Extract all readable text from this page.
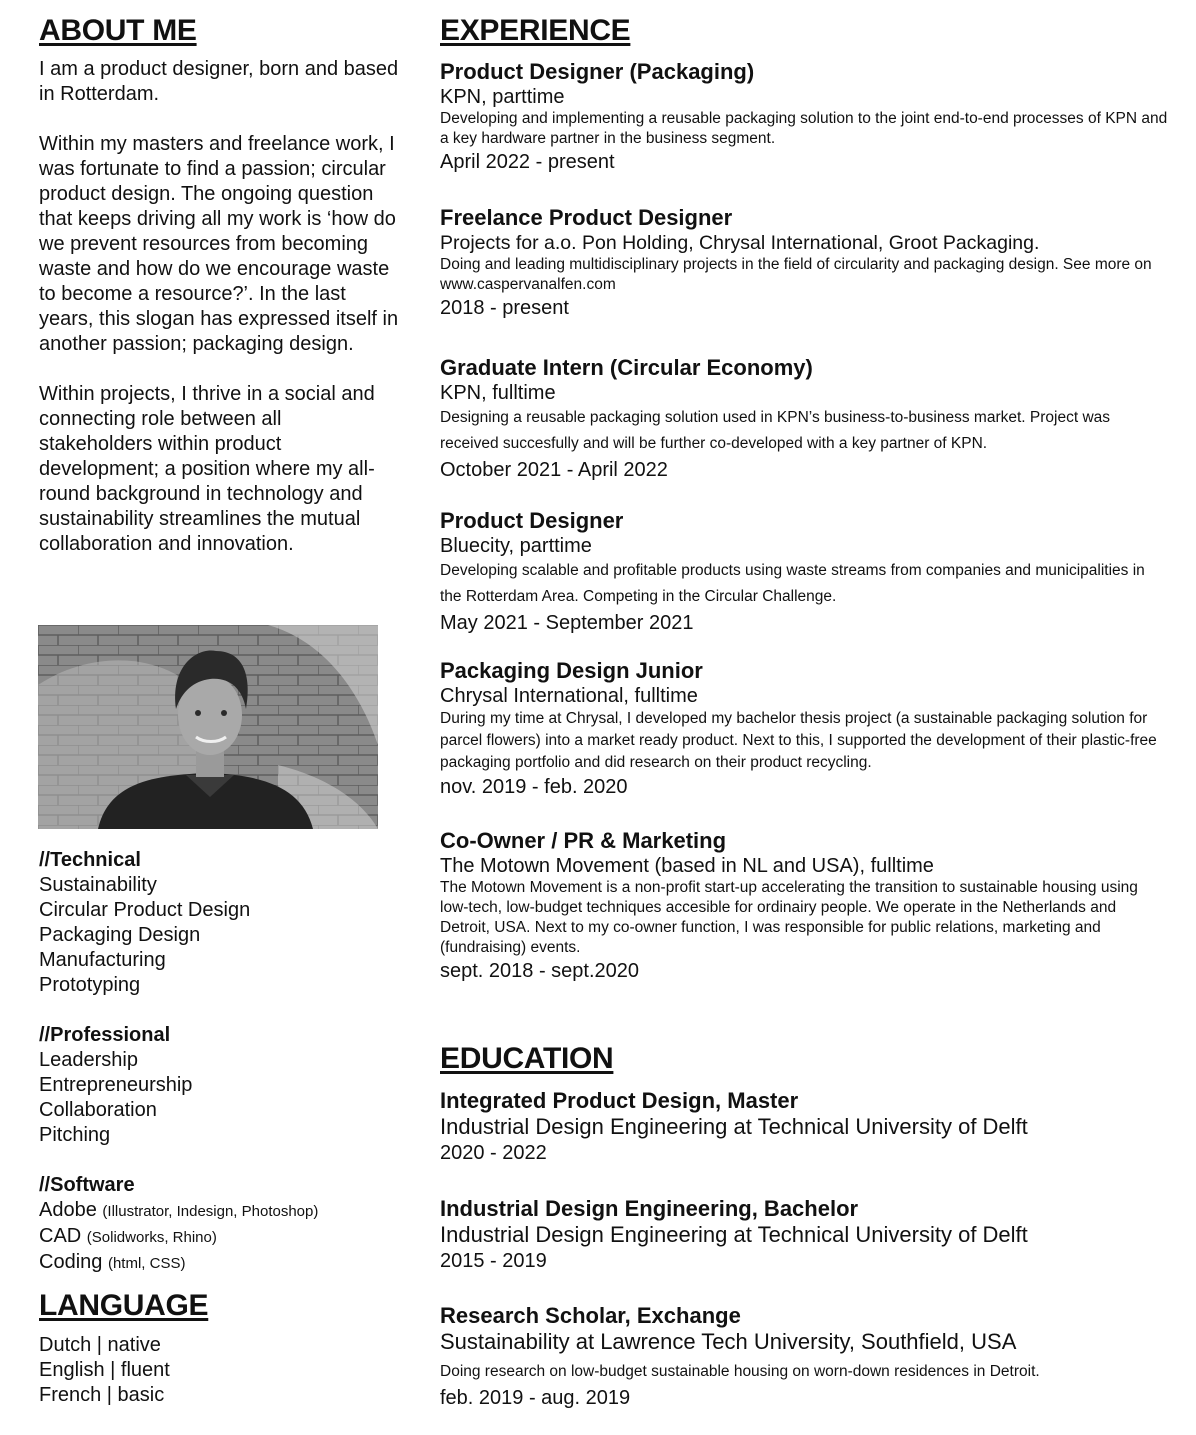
ABOUT ME

I am a product designer, born and based in Rotterdam.

Within my masters and freelance work, I was fortunate to find a passion; circular product design. The ongoing question that keeps driving all my work is ‘how do we prevent resources from becoming waste and how do we encourage waste to become a resource?’. In the last years, this slogan has expressed itself in another passion; packaging design.

Within projects, I thrive in a social and connecting role between all stakeholders within product development; a position where my all-round background in technology and sustainability streamlines the mutual collaboration and innovation.

//Technical
Sustainability
Circular Product Design
Packaging Design
Manufacturing
Prototyping
//Professional
Leadership
Entrepreneurship
Collaboration
Pitching
//Software
Adobe (Illustrator, Indesign, Photoshop)
CAD (Solidworks, Rhino)
Coding (html, CSS)
LANGUAGE
Dutch | native
English | fluent
French | basic
EXPERIENCE
Product Designer (Packaging)
KPN, parttime
Developing and implementing a reusable packaging solution to the joint end-to-end processes of KPN and a key hardware partner in the business segment.
April 2022 - present
Freelance Product Designer
Projects for a.o. Pon Holding, Chrysal International, Groot Packaging.
Doing and leading multidisciplinary projects in the field of circularity and packaging design. See more on www.caspervanalfen.com
2018 - present
Graduate Intern (Circular Economy)
KPN, fulltime
Designing a reusable packaging solution used in KPN’s business-to-business market. Project was received succesfully and will be further co-developed with a key partner of KPN.
October 2021 - April 2022
Product Designer
Bluecity, parttime
Developing scalable and profitable products using waste streams from companies and municipalities in the Rotterdam Area. Competing in the Circular Challenge.
May 2021 - September 2021
Packaging Design Junior
Chrysal International, fulltime
During my time at Chrysal, I developed my bachelor thesis project (a sustainable packaging solution for parcel flowers) into a market ready product. Next to this, I supported the development of their plastic-free packaging portfolio and did research on their product recycling.
nov. 2019 - feb. 2020
Co-Owner / PR & Marketing
The Motown Movement (based in NL and USA), fulltime
The Motown Movement is a non-profit start-up accelerating the transition to sustainable housing using low-tech, low-budget techniques accesible for ordinairy people. We operate in the Netherlands and Detroit, USA. Next to my co-owner function, I was responsible for public relations, marketing and (fundraising) events.
sept. 2018 - sept.2020
EDUCATION
Integrated Product Design, Master
Industrial Design Engineering at Technical University of Delft
2020 - 2022
Industrial Design Engineering, Bachelor
Industrial Design Engineering at Technical University of Delft
2015 - 2019
Research Scholar, Exchange
Sustainability at Lawrence Tech University, Southfield, USA
Doing research on low-budget sustainable housing on worn-down residences in Detroit.
feb. 2019 - aug. 2019
